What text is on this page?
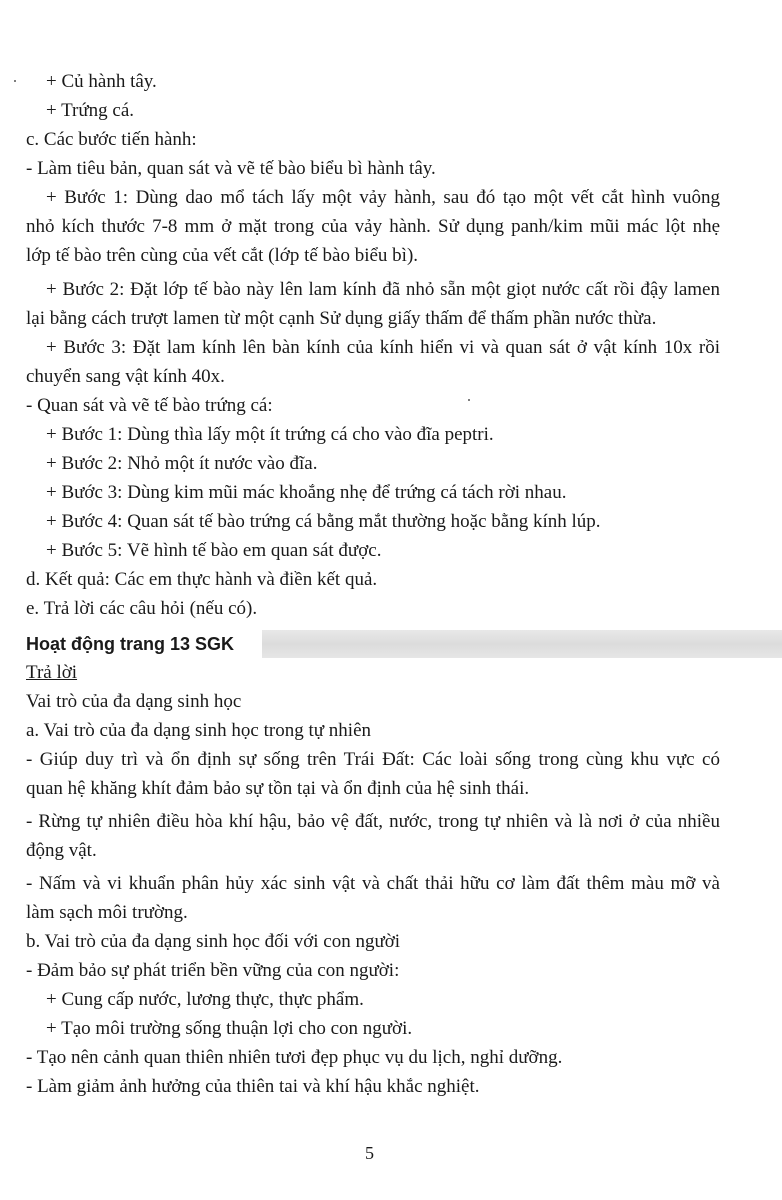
+ Củ hành tây.
+ Trứng cá.
c. Các bước tiến hành:
- Làm tiêu bản, quan sát và vẽ tế bào biểu bì hành tây.
+ Bước 1: Dùng dao mổ tách lấy một vảy hành, sau đó tạo một vết cắt hình vuông
nhỏ kích thước 7-8 mm ở mặt trong của vảy hành. Sử dụng panh/kim mũi mác lột nhẹ
lớp tế bào trên cùng của vết cắt (lớp tế bào biểu bì).
+ Bước 2: Đặt lớp tế bào này lên lam kính đã nhỏ sẵn một giọt nước cất rồi đậy lamen
lại bằng cách trượt lamen từ một cạnh Sử dụng giấy thấm để thấm phần nước thừa.
+ Bước 3: Đặt lam kính lên bàn kính của kính hiển vi và quan sát ở vật kính 10x rồi
chuyển sang vật kính 40x.
- Quan sát và vẽ tế bào trứng cá:
+ Bước 1: Dùng thìa lấy một ít trứng cá cho vào đĩa peptri.
+ Bước 2: Nhỏ một ít nước vào đĩa.
+ Bước 3: Dùng kim mũi mác khoắng nhẹ để trứng cá tách rời nhau.
+ Bước 4: Quan sát tế bào trứng cá bằng mắt thường hoặc bằng kính lúp.
+ Bước 5: Vẽ hình tế bào em quan sát được.
d. Kết quả: Các em thực hành và điền kết quả.
e. Trả lời các câu hỏi (nếu có).
Hoạt động trang 13 SGK
Trả lời
Vai trò của đa dạng sinh học
a. Vai trò của đa dạng sinh học trong tự nhiên
- Giúp duy trì và ổn định sự sống trên Trái Đất: Các loài sống trong cùng khu vực có
quan hệ khăng khít đảm bảo sự tồn tại và ổn định của hệ sinh thái.
- Rừng tự nhiên điều hòa khí hậu, bảo vệ đất, nước, trong tự nhiên và là nơi ở của nhiều
động vật.
- Nấm và vi khuẩn phân hủy xác sinh vật và chất thải hữu cơ làm đất thêm màu mỡ và
làm sạch môi trường.
b. Vai trò của đa dạng sinh học đối với con người
- Đảm bảo sự phát triển bền vững của con người:
+ Cung cấp nước, lương thực, thực phẩm.
+ Tạo môi trường sống thuận lợi cho con người.
- Tạo nên cảnh quan thiên nhiên tươi đẹp phục vụ du lịch, nghỉ dưỡng.
- Làm giảm ảnh hưởng của thiên tai và khí hậu khắc nghiệt.
5
